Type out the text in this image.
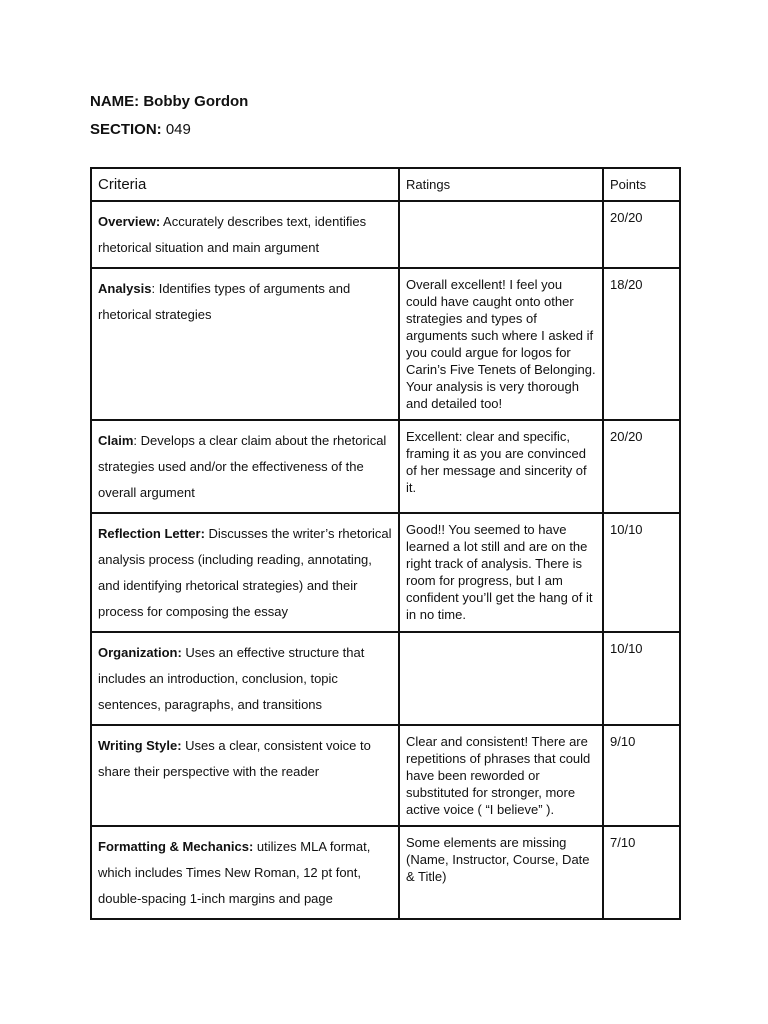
NAME: Bobby Gordon
SECTION: 049
Criteria	Ratings	Points
Overview: Accurately describes text, identifies rhetorical situation and main argument		20/20
Analysis: Identifies types of arguments and rhetorical strategies	Overall excellent! I feel you could have caught onto other strategies and types of arguments such where I asked if you could argue for logos for Carin’s Five Tenets of Belonging. Your analysis is very thorough and detailed too!	18/20
Claim: Develops a clear claim about the rhetorical strategies used and/or the effectiveness of the overall argument	Excellent: clear and specific, framing it as you are convinced of her message and sincerity of it.	20/20
Reflection Letter: Discusses the writer’s rhetorical analysis process (including reading, annotating, and identifying rhetorical strategies) and their process for composing the essay	Good!! You seemed to have learned a lot still and are on the right track of analysis. There is room for progress, but I am confident you’ll get the hang of it in no time.	10/10
Organization: Uses an effective structure that includes an introduction, conclusion, topic sentences, paragraphs, and transitions		10/10
Writing Style: Uses a clear, consistent voice to share their perspective with the reader	Clear and consistent! There are repetitions of phrases that could have been reworded or substituted for stronger, more active voice ( “I believe” ).	9/10
Formatting & Mechanics: utilizes MLA format, which includes Times New Roman, 12 pt font, double-spacing 1-inch margins and page	Some elements are missing (Name, Instructor, Course, Date & Title)	7/10
